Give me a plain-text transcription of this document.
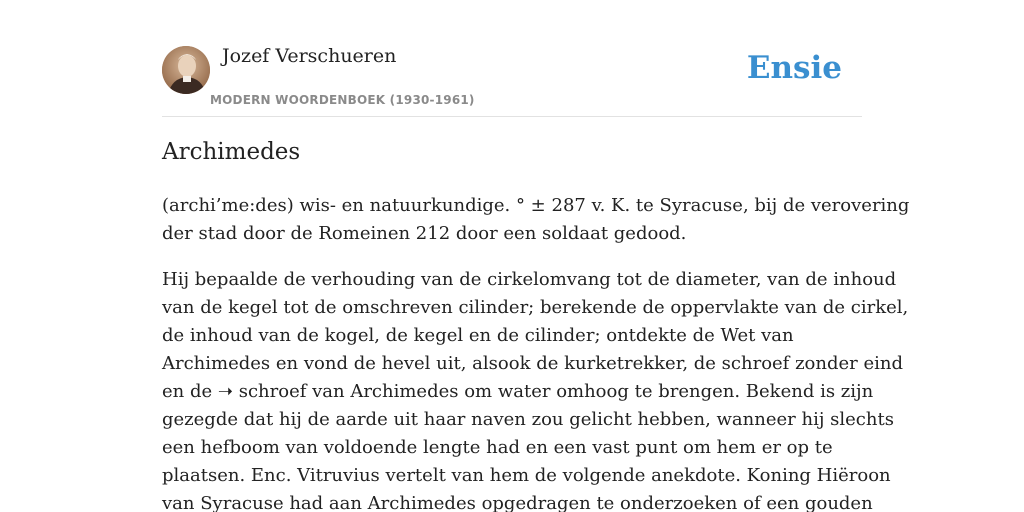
Jozef Verschueren
MODERN WOORDENBOEK (1930-1961)
Ensie
Archimedes

(archi’me:des) wis- en natuurkundige. ° ± 287 v. K. te Syracuse, bij de verovering
der stad door de Romeinen 212 door een soldaat gedood.

Hij bepaalde de verhouding van de cirkelomvang tot de diameter, van de inhoud
van de kegel tot de omschreven cilinder; berekende de oppervlakte van de cirkel,
de inhoud van de kogel, de kegel en de cilinder; ontdekte de Wet van
Archimedes en vond de hevel uit, alsook de kurketrekker, de schroef zonder eind
en de ➝ schroef van Archimedes om water omhoog te brengen. Bekend is zijn
gezegde dat hij de aarde uit haar naven zou gelicht hebben, wanneer hij slechts
een hefboom van voldoende lengte had en een vast punt om hem er op te
plaatsen. Enc. Vitruvius vertelt van hem de volgende anekdote. Koning Hiëroon
van Syracuse had aan Archimedes opgedragen te onderzoeken of een gouden
